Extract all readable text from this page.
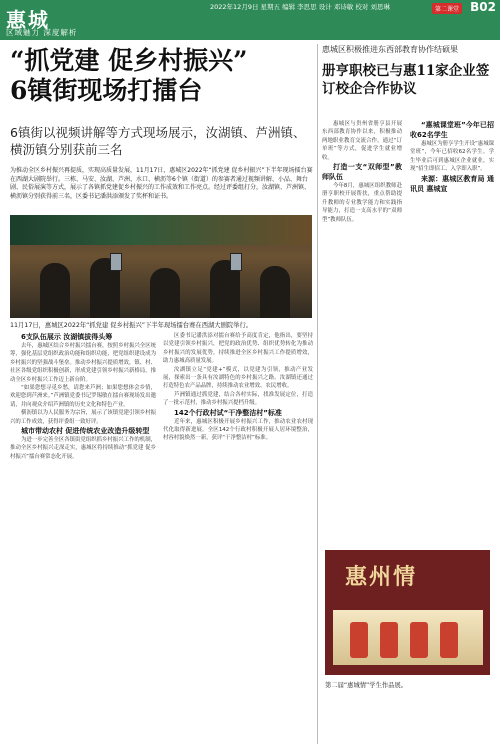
惠城
区域魅力 深度解析
2022年12月9日 星期五 编辑 李思思 设计 邓诗敏 校对 刘思琳	第二课堂 B02
“抓党建 促乡村振兴”
6镇街现场打擂台
6镇街以视频讲解等方式现场展示，汝湖镇、芦洲镇、横沥镇分别获前三名
为推动全区乡村振兴再提质，实现高质量发展，11月17日，惠城区2022年“抓党建 促乡村振兴”下半年现场擂台赛在西湖大剧院举行。三栋、马安、汝湖、芦洲、水口、横沥等6个镇（街道）的参赛者通过视频讲解、小品、舞台剧、民俗展演等方式，展示了各镇抓党建促乡村振兴的工作成效和工作亮点。经过评委组打分，汝湖镇、芦洲镇、横沥镇分别获得前三名，区委书记潘洪添颁发了奖杯和证书。
11月17日，惠城区2022年“抓党建 促乡村振兴”下半年现场擂台赛在西湖大剧院举行。

6支队伍展示 汝湖镇拔得头筹

去年，惠城区结合乡村振兴擂台赛，按照乡村振兴全区统筹，强化基层党组织政治功能和组织功能，把党组织建设成为乡村振兴的坚强战斗堡垒。推动乡村振兴提质增效，镇、村、社区各级党组织积极创新，形成党建引领乡村振兴新格局，推动全区乡村振兴工作迈上新台阶。

“如果您想寻觅乡愁，请您来芦洲；如果您想体会乡情，欢迎您到芦洲来。”芦洲镇党委书记罗锡敏在擂台赛现场发出邀请，并向观众介绍芦洲镇的历史文化和特色产业。

横沥镇以为人民服务为宗旨，展示了该镇党建引领乡村振兴的工作成效，获得评委组一致好评。

城市带动农村 促进传统农业改造升级转型

为进一步完善全区各镇街党组织抓乡村振兴工作的机制，推动全区乡村振兴走深走实，惠城区将持续推动“抓党建 促乡村振兴”擂台赛常态化开展。

区委书记潘洪添对擂台赛给予高度肯定，他指出，要坚持以党建引领乡村振兴，把党的政治优势、组织优势转化为推动乡村振兴的发展优势，持续推进全区乡村振兴工作提质增效，助力惠城高质量发展。

汝湖镇立足“党建+”模式，以党建为引领，推动产业发展，探索出一条具有汝湖特色的乡村振兴之路。汝湖镇还通过打造特色农产品品牌，持续推动农业增效、农民增收。

芦洲镇通过抓党建，结合各村实际，找准发展定位，打造了一批示范村，推动乡村振兴提档升级。

142个行政村试“干净整洁村”标准

近年来，惠城区积极开展乡村振兴工作，推动农业农村现代化取得新进展。全区142个行政村积极开展人居环境整治，村容村貌焕然一新，获评“干净整洁村”标准。

惠城区积极推进东西部教育协作结硕果
册亨职校已与惠11家企业签订校企合作协议

惠城区与贵州省册亨县开展东西部教育协作以来，积极推动两地职业教育交流合作，通过“订单班”等方式，促进学生就业增收。

打造一支“双师型”教师队伍

今年8月，惠城区组织教师赴册亨职校开展帮扶，重点帮助提升教师的专业教学能力和实践指导能力，打造一支高水平的“双师型”教师队伍。

“惠城课堂班”今年已招收62名学生

惠城区为册亨学生开设“惠城课堂班”，今年已招收62名学生。学生毕业后可到惠城区企业就业，实现“招生即招工、入学即入职”。

来源：惠城区教育局 通讯员 惠城宣

惠州情
第二届“惠城情”学生作品展。
